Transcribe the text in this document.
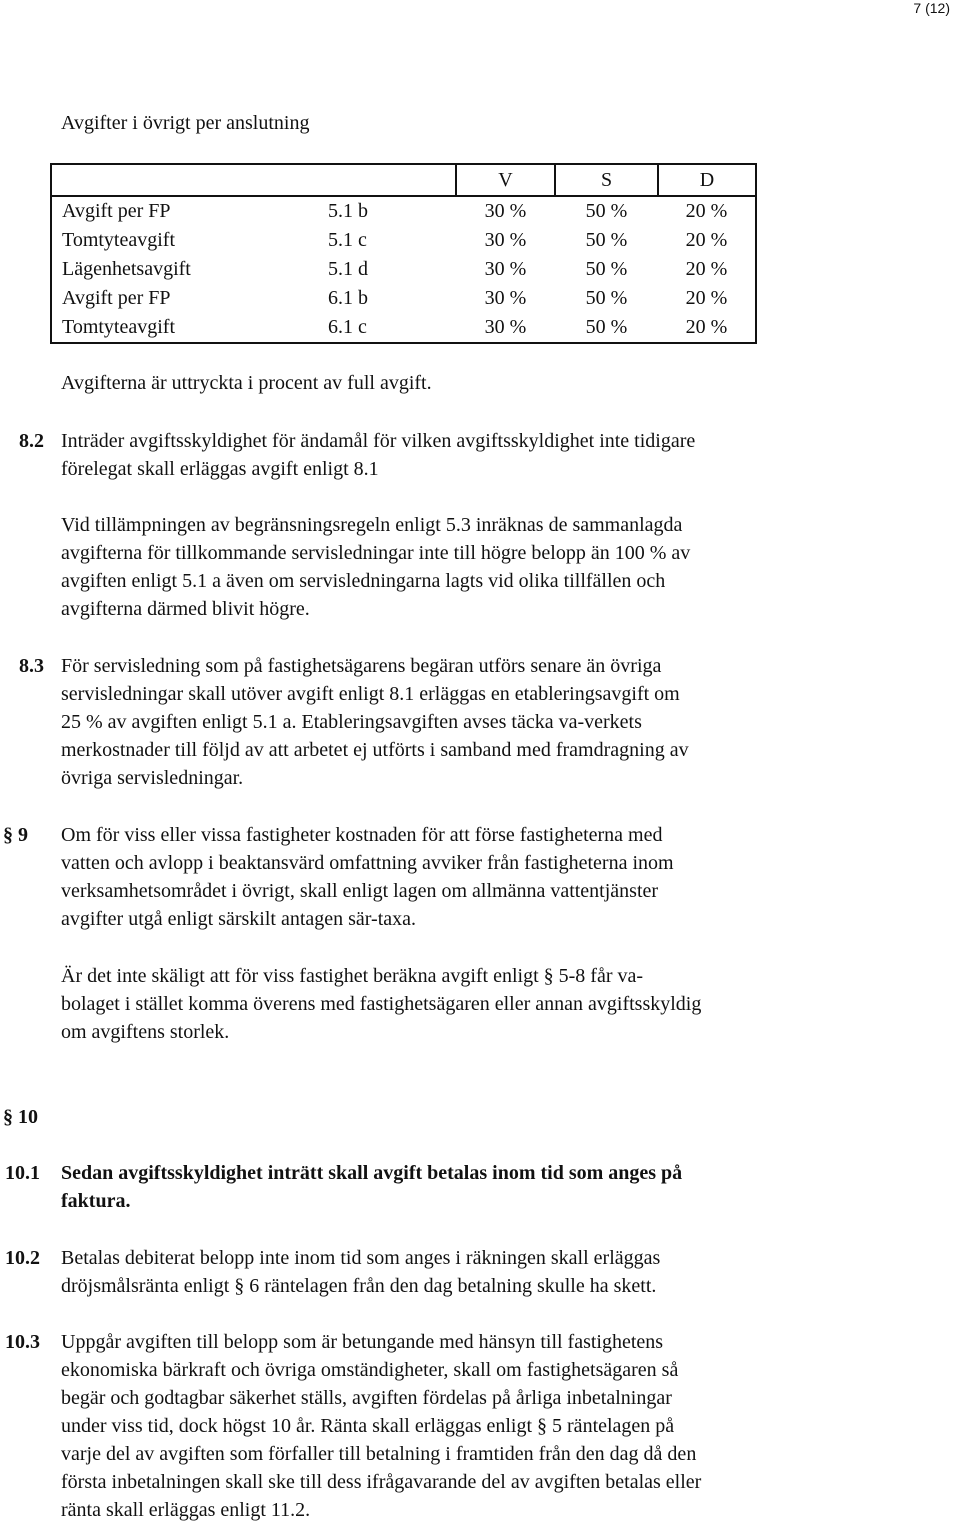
7 (12)
Avgifter i övrigt per anslutning
		V	S	D
Avgift per FP	5.1 b	30 %	50 %	20 %
Tomtyteavgift	5.1 c	30 %	50 %	20 %
Lägenhetsavgift	5.1 d	30 %	50 %	20 %
Avgift per FP	6.1 b	30 %	50 %	20 %
Tomtyteavgift	6.1 c	30 %	50 %	20 %
Avgifterna är uttryckta i procent av full avgift.
8.2 Inträder avgiftsskyldighet för ändamål för vilken avgiftsskyldighet inte tidigare
förelegat skall erläggas avgift enligt 8.1
Vid tillämpningen av begränsningsregeln enligt 5.3 inräknas de sammanlagda
avgifterna för tillkommande servisledningar inte till högre belopp än 100 % av
avgiften enligt 5.1 a även om servisledningarna lagts vid olika tillfällen och
avgifterna därmed blivit högre.
8.3 För servisledning som på fastighetsägarens begäran utförs senare än övriga
servisledningar skall utöver avgift enligt 8.1 erläggas en etableringsavgift om
25 % av avgiften enligt 5.1 a. Etableringsavgiften avses täcka va-verkets
merkostnader till följd av att arbetet ej utförts i samband med framdragning av
övriga servisledningar.
§ 9 Om för viss eller vissa fastigheter kostnaden för att förse fastigheterna med
vatten och avlopp i beaktansvärd omfattning avviker från fastigheterna inom
verksamhetsområdet i övrigt, skall enligt lagen om allmänna vattentjänster
avgifter utgå enligt särskilt antagen sär-taxa.
Är det inte skäligt att för viss fastighet beräkna avgift enligt § 5-8 får va-
bolaget i stället komma överens med fastighetsägaren eller annan avgiftsskyldig
om avgiftens storlek.
§ 10
10.1 Sedan avgiftsskyldighet inträtt skall avgift betalas inom tid som anges på
faktura.
10.2 Betalas debiterat belopp inte inom tid som anges i räkningen skall erläggas
dröjsmålsränta enligt § 6 räntelagen från den dag betalning skulle ha skett.
10.3 Uppgår avgiften till belopp som är betungande med hänsyn till fastighetens
ekonomiska bärkraft och övriga omständigheter, skall om fastighetsägaren så
begär och godtagbar säkerhet ställs, avgiften fördelas på årliga inbetalningar
under viss tid, dock högst 10 år. Ränta skall erläggas enligt § 5 räntelagen på
varje del av avgiften som förfaller till betalning i framtiden från den dag då den
första inbetalningen skall ske till dess ifrågavarande del av avgiften betalas eller
ränta skall erläggas enligt 11.2.
